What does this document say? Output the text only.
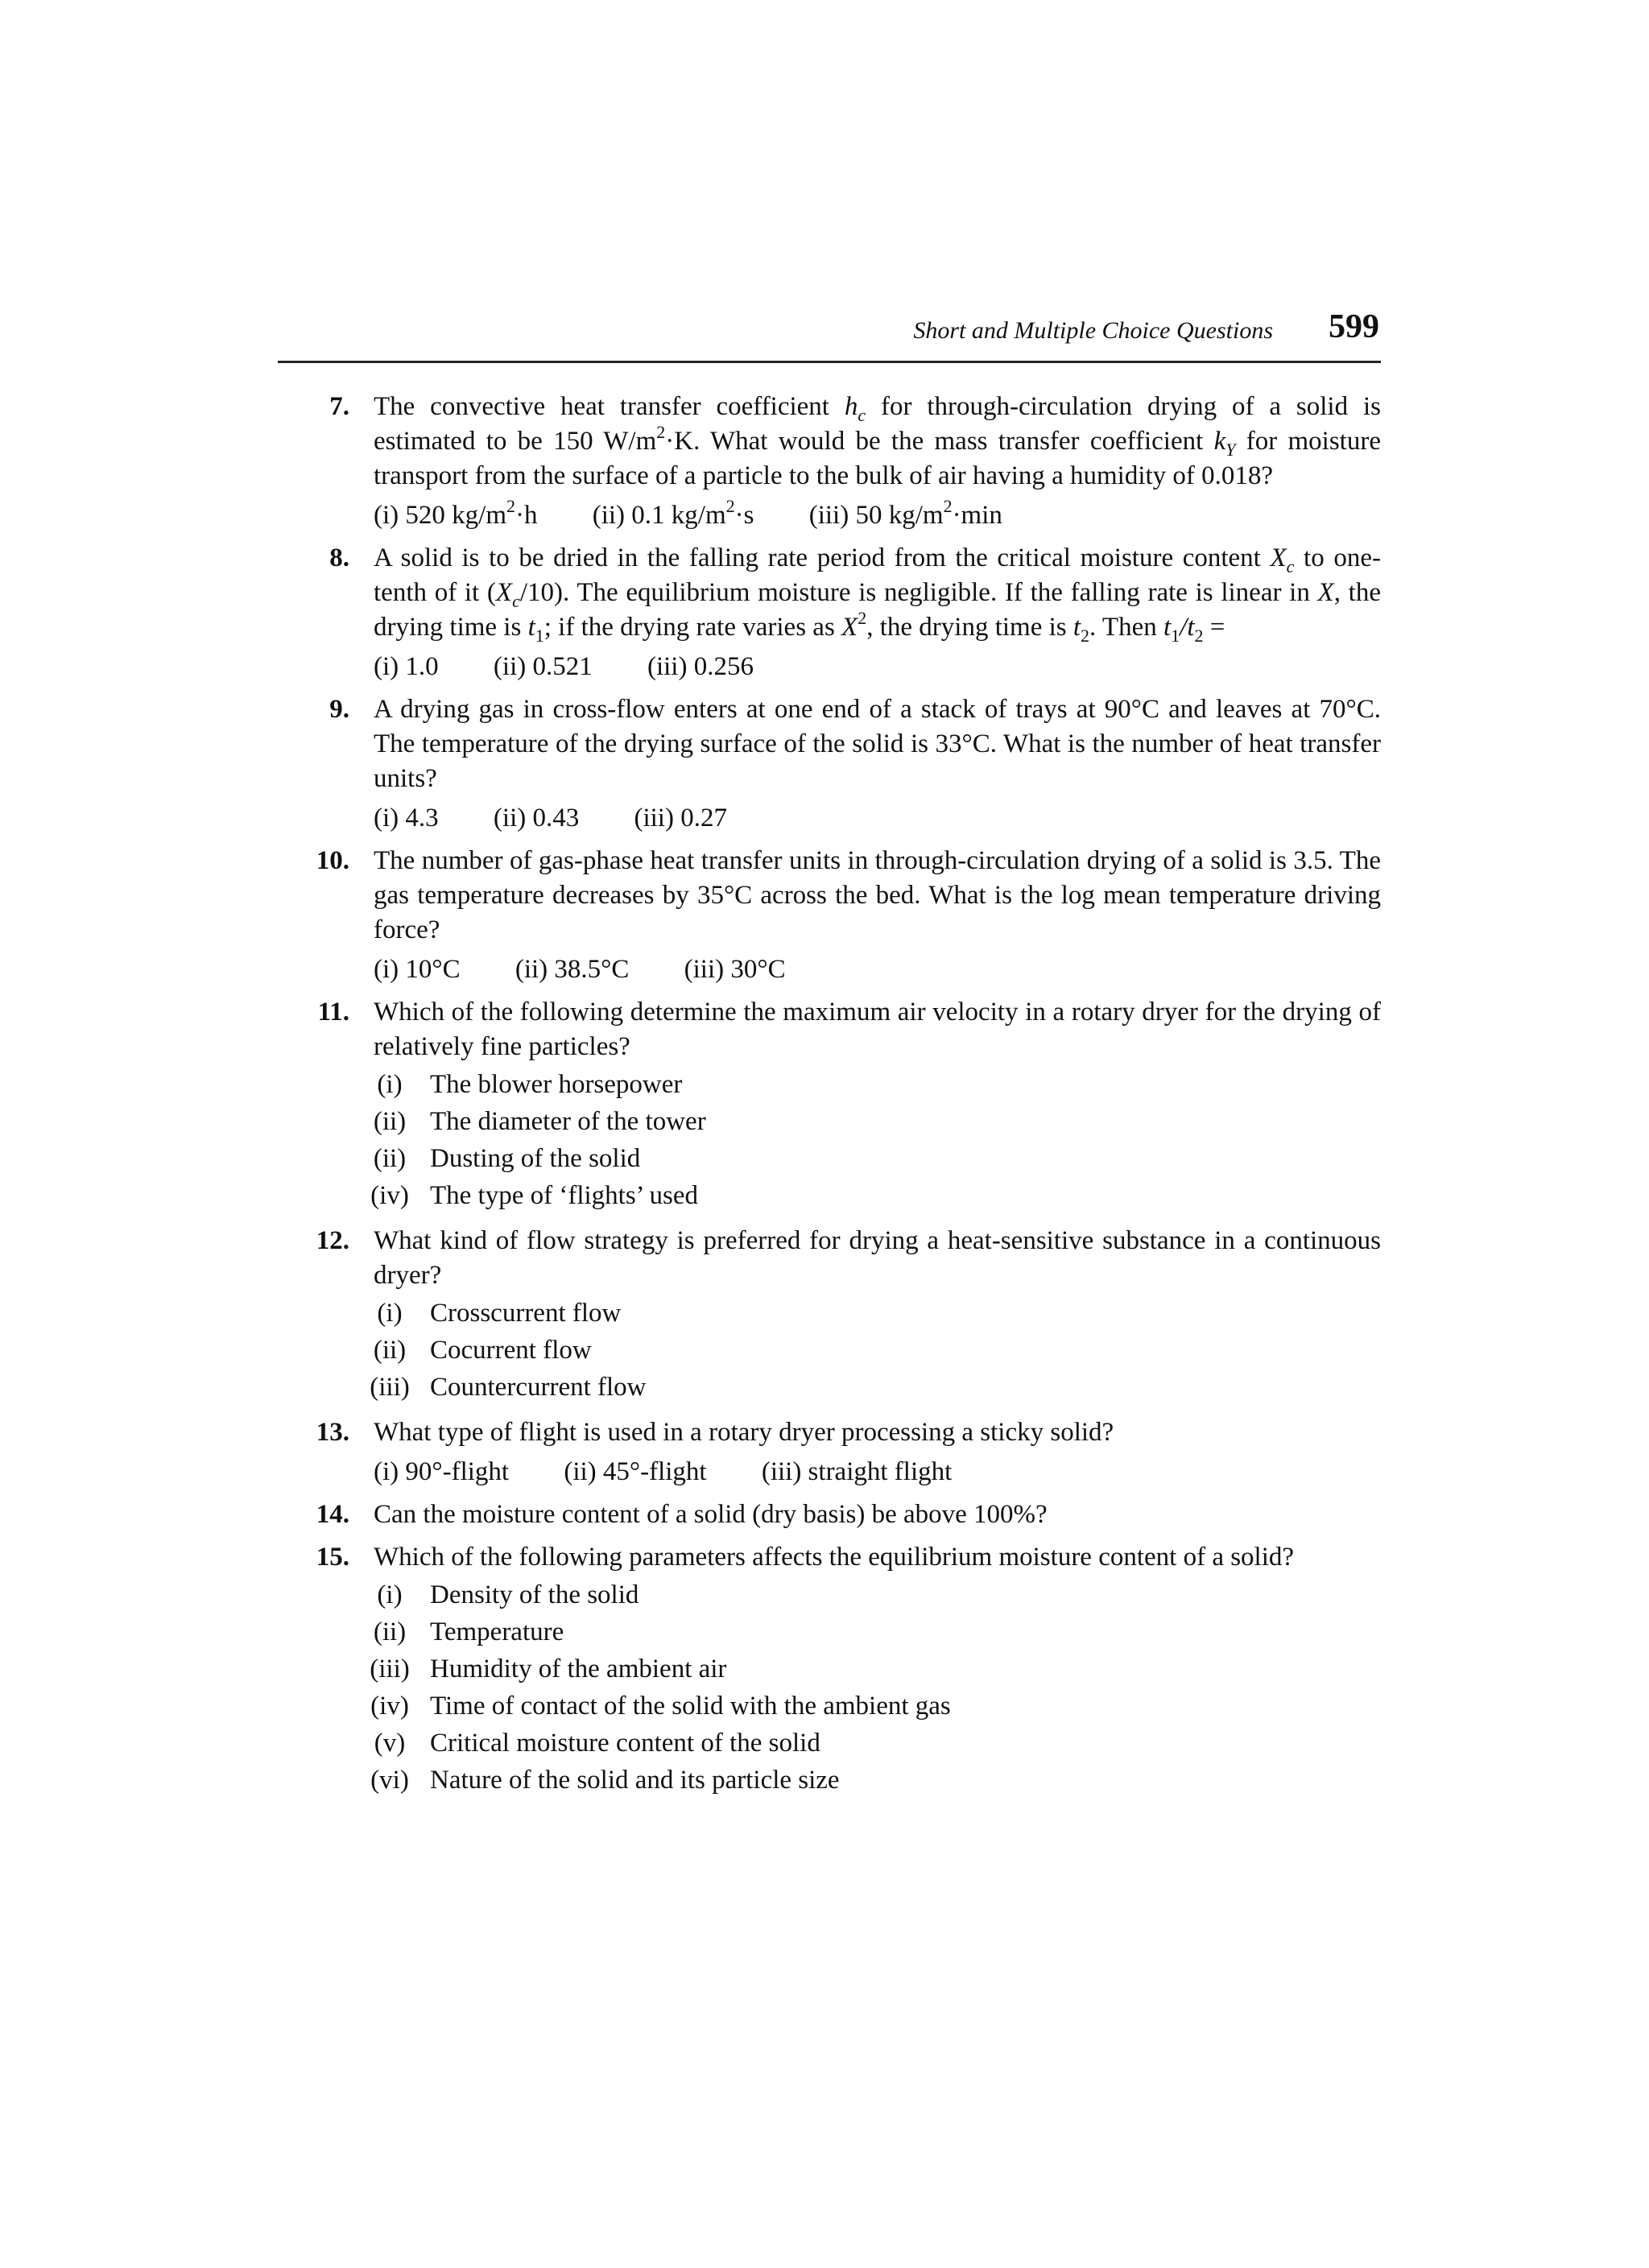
Short and Multiple Choice Questions 599
7. The convective heat transfer coefficient $h_c$ for through-circulation drying of a solid is estimated to be 150 $W/m^2\cdot K$. What would be the mass transfer coefficient $k_Y$ for moisture transport from the surface of a particle to the bulk of air having a humidity of 0.018?
(i) 520 $kg/m^2\cdot h$ (ii) 0.1 $kg/m^2\cdot s$ (iii) 50 $kg/m^2\cdot\min$
8. A solid is to be dried in the falling rate period from the critical moisture content $X_c$ to one-tenth of it $(X_c/10)$. The equilibrium moisture is negligible. If the falling rate is linear in X, the drying time is $t_1$; if the drying rate varies as $X^2$, the drying time is $t_2$. Then $t_1/t_2$ =
(i) 1.0 (ii) 0.521 (iii) 0.256
9. A drying gas in cross-flow enters at one end of a stack of trays at 90°C and leaves at 70°C. The temperature of the drying surface of the solid is 33°C. What is the number of heat transfer units?
(i) 4.3 (ii) 0.43 (iii) 0.27
10. The number of gas-phase heat transfer units in through-circulation drying of a solid is 3.5. The gas temperature decreases by 35°C across the bed. What is the log mean temperature driving force?
(i) 10°C (ii) 38.5°C (iii) 30°C
11. Which of the following determine the maximum air velocity in a rotary dryer for the drying of relatively fine particles?
(i)	The blower horsepower
(ii) The diameter of the tower
(ii) Dusting of the solid
(iv) The type of ‘flights’ used
12. What kind of flow strategy is preferred for drying a heat-sensitive substance in a continuous dryer?
(i)	Crosscurrent flow
(ii) Cocurrent flow
(iii) Countercurrent flow
13. What type of flight is used in a rotary dryer processing a sticky solid?
(i) 90°-flight (ii) 45°-flight (iii) straight flight
14. Can the moisture content of a solid (dry basis) be above 100%?
15. Which of the following parameters affects the equilibrium moisture content of a solid?
(i)	Density of the solid
(ii) Temperature
(iii) Humidity of the ambient air
(iv) Time of contact of the solid with the ambient gas
(v) Critical moisture content of the solid
(vi) Nature of the solid and its particle size
